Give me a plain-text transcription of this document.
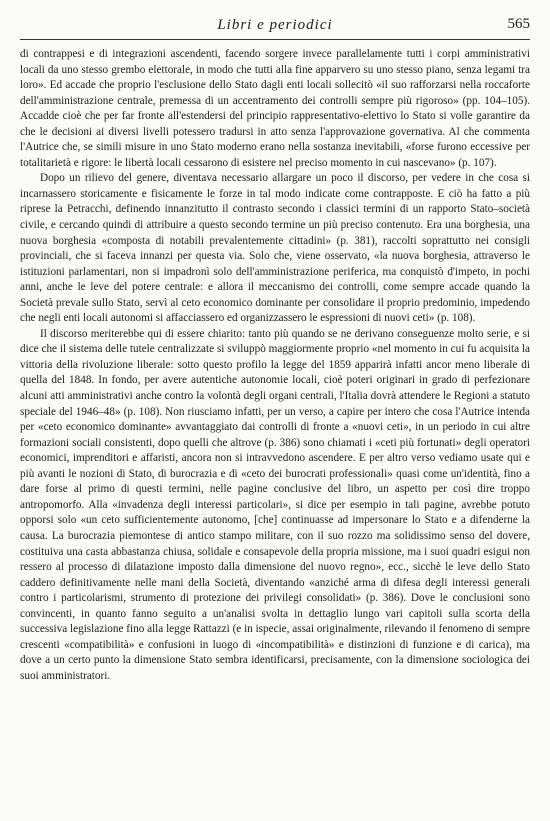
Libri e periodici	565

di contrappesi e di integrazioni ascendenti, facendo sorgere invece parallelamente tutti i corpi amministrativi locali da uno stesso grembo elettorale, in modo che tutti alla fine apparvero su uno stesso piano, senza legami tra loro». Ed accade che proprio l'esclusione dello Stato dagli enti locali sollecitò «il suo rafforzarsi nella roccaforte dell'amministrazione centrale, premessa di un accentramento dei controlli sempre più rigoroso» (pp. 104–105). Accadde cioè che per far fronte all'estendersi del principio rappresentativo-elettivo lo Stato si volle garantire da che le decisioni ai diversi livelli potessero tradursi in atto senza l'approvazione governativa. Al che commenta l'Autrice che, se simili misure in uno Stato moderno erano nella sostanza inevitabili, «forse furono eccessive per totalitarietà e rigore: le libertà locali cessarono di esistere nel preciso momento in cui nascevano» (p. 107).

Dopo un rilievo del genere, diventava necessario allargare un poco il discorso, per vedere in che cosa si incarnassero storicamente e fisicamente le forze in tal modo indicate come contrapposte. E ciò ha fatto a più riprese la Petracchi, definendo innanzitutto il contrasto secondo i classici termini di un rapporto Stato–società civile, e cercando quindi di attribuire a questo secondo termine un più preciso contenuto. Era una borghesia, una nuova borghesia «composta di notabili prevalentemente cittadini» (p. 381), raccolti soprattutto nei consigli provinciali, che si faceva innanzi per questa via. Solo che, viene osservato, «la nuova borghesia, attraverso le istituzioni parlamentari, non si impadronì solo dell'amministrazione periferica, ma conquistò d'impeto, in pochi anni, anche le leve del potere centrale: e allora il meccanismo dei controlli, come sempre accade quando la Società prevale sullo Stato, servì al ceto economico dominante per consolidare il proprio predominio, impedendo che negli enti locali autonomi si affacciassero ed organizzassero le espressioni di nuovi ceti» (p. 108).

Il discorso meriterebbe qui di essere chiarito: tanto più quando se ne derivano conseguenze molto serie, e si dice che il sistema delle tutele centralizzate si sviluppò maggiormente proprio «nel momento in cui fu acquisita la vittoria della rivoluzione liberale: sotto questo profilo la legge del 1859 apparirà infatti ancor meno liberale di quella del 1848. In fondo, per avere autentiche autonomie locali, cioè poteri originari in grado di perfezionare alcuni atti amministrativi anche contro la volontà degli organi centrali, l'Italia dovrà attendere le Regioni a statuto speciale del 1946–48» (p. 108). Non riusciamo infatti, per un verso, a capire per intero che cosa l'Autrice intenda per «ceto economico dominante» avvantaggiato dai controlli di fronte a «nuovi ceti», in un periodo in cui altre formazioni sociali consistenti, dopo quelli che altrove (p. 386) sono chiamati i «ceti più fortunati» degli operatori economici, imprenditori e affaristi, ancora non si intravvedono ascendere. E per altro verso vediamo usate qui e più avanti le nozioni di Stato, di burocrazia e di «ceto dei burocrati professionali» quasi come un'identità, fino a dare forse al primo di questi termini, nelle pagine conclusive del libro, un aspetto per così dire troppo antropomorfo. Alla «invadenza degli interessi particolari», si dice per esempio in tali pagine, avrebbe potuto opporsi solo «un ceto sufficientemente autonomo, [che] continuasse ad impersonare lo Stato e a difenderne la causa. La burocrazia piemontese di antico stampo militare, con il suo rozzo ma solidissimo senso del dovere, costituiva una casta abbastanza chiusa, solidale e consapevole della propria missione, ma i suoi quadri esigui non ressero al processo di dilatazione imposto dalla dimensione del nuovo regno», ecc., sicchè le leve dello Stato caddero definitivamente nelle mani della Società, diventando «anziché arma di difesa degli interessi generali contro i particolarismi, strumento di protezione dei privilegi consolidati» (p. 386). Dove le conclusioni sono convincenti, in quanto fanno seguito a un'analisi svolta in dettaglio lungo vari capitoli sulla scorta della successiva legislazione fino alla legge Rattazzi (e in ispecie, assai originalmente, rilevando il fenomeno di sempre crescenti «compatibilità» e confusioni in luogo di «incompatibilità» e distinzioni di funzione e di carica), ma dove a un certo punto la dimensione Stato sembra identificarsi, precisamente, con la dimensione sociologica dei suoi amministratori.
